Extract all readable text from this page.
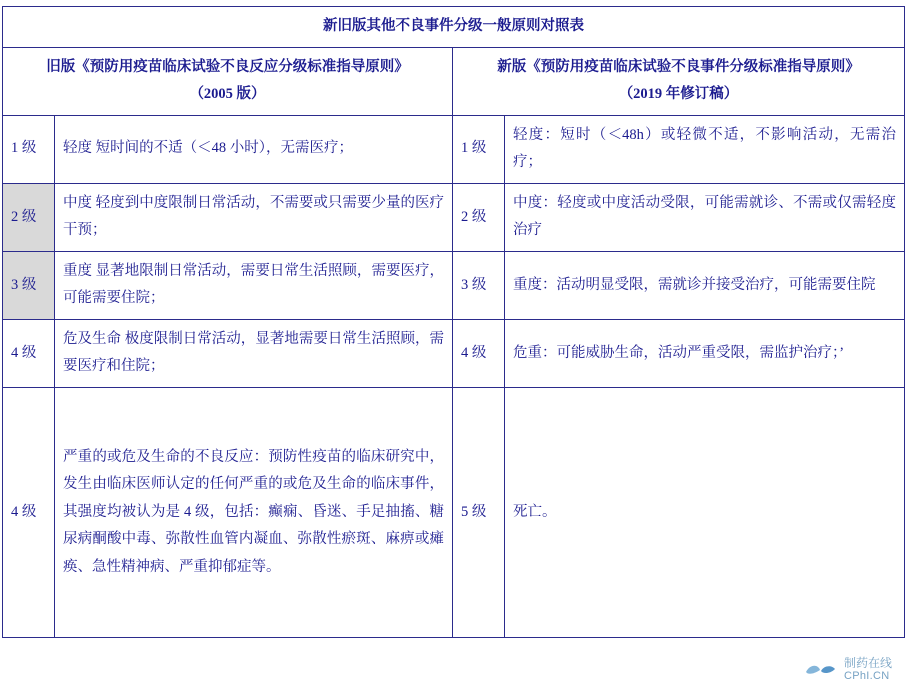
新旧版其他不良事件分级一般原则对照表			

旧版《预防用疫苗临床试验不良反应分级标准指导原则》
（2005 版）

新版《预防用疫苗临床试验不良事件分级标准指导原则》
（2019 年修订稿）

1 级	轻度 短时间的不适（＜48 小时），无需医疗；	1 级	轻度：短时（＜48h）或轻微不适，不影响活动，无需治疗；
2 级	中度 轻度到中度限制日常活动，不需要或只需要少量的医疗干预；	2 级	中度：轻度或中度活动受限，可能需就诊、不需或仅需轻度治疗
3 级	重度 显著地限制日常活动，需要日常生活照顾，需要医疗，可能需要住院；	3 级	重度：活动明显受限，需就诊并接受治疗，可能需要住院
4 级	危及生命 极度限制日常活动，显著地需要日常生活照顾，需要医疗和住院；	4 级	危重：可能威胁生命，活动严重受限，需监护治疗；’
4 级	严重的或危及生命的不良反应：预防性疫苗的临床研究中，发生由临床医师认定的任何严重的或危及生命的临床事件，其强度均被认为是 4 级，包括：癫痫、昏迷、手足抽搐、糖尿病酮酸中毒、弥散性血管内凝血、弥散性瘀斑、麻痹或瘫痪、急性精神病、严重抑郁症等。	5 级	死亡。
制药在线
CPhI.CN
